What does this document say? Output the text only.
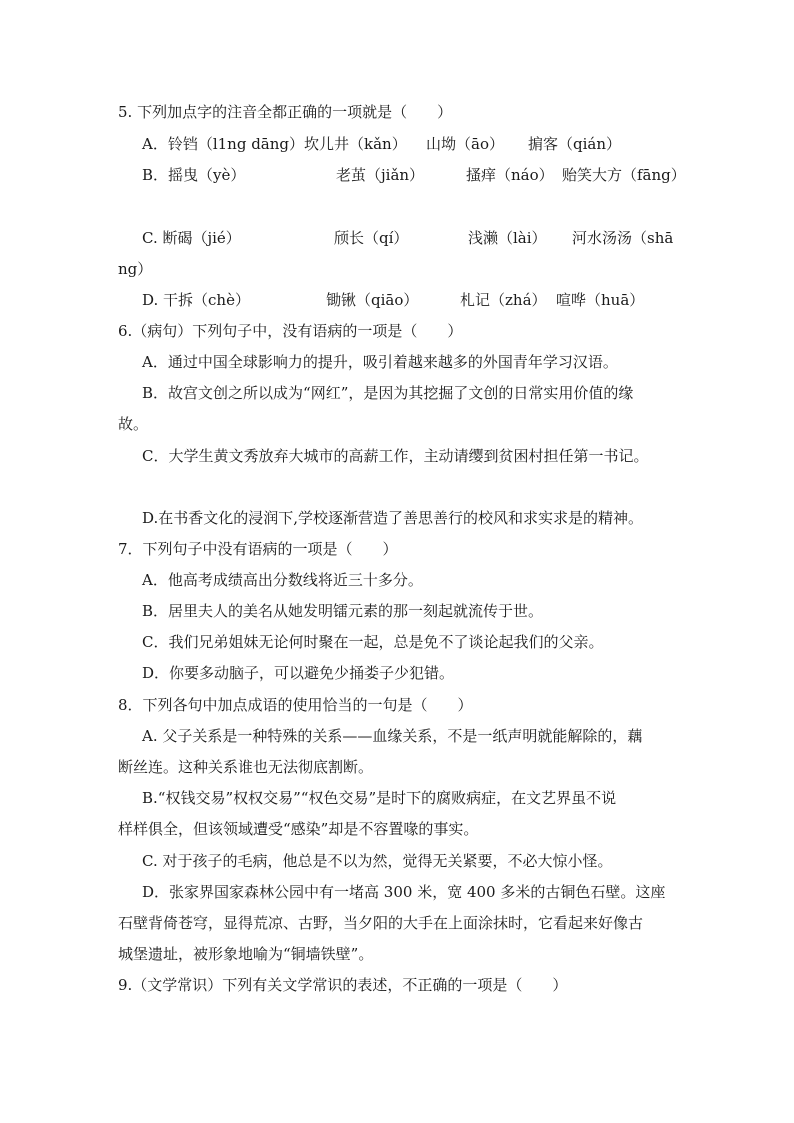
5. 下列加点字的注音全都正确的一项就是（　　）
A．铃铛（l1ng dāng） 坎儿井（kǎn） 山坳（āo） 掮客（qián）
B．摇曳（yè）	老茧（jiǎn）	搔痒（náo） 贻笑大方（fāng）
C. 断碣（jié）	颀长（qí）	浅濑（lài） 河水汤汤（shā
ng）
D. 干拆（chè）	锄锹（qiāo）	札记（zhá） 喧哗（huā）
6.（病句）下列句子中，没有语病的一项是（　　）
A．通过中国全球影响力的提升，吸引着越来越多的外国青年学习汉语。
B．故宫文创之所以成为“网红”，是因为其挖掘了文创的日常实用价值的缘
故。
C．大学生黄文秀放弃大城市的高薪工作，主动请缨到贫困村担任第一书记。
D.在书香文化的浸润下,学校逐渐营造了善思善行的校风和求实求是的精神。
7．下列句子中没有语病的一项是（　　）
A．他高考成绩高出分数线将近三十多分。
B．居里夫人的美名从她发明镭元素的那一刻起就流传于世。
C．我们兄弟姐妹无论何时聚在一起，总是免不了谈论起我们的父亲。
D．你要多动脑子，可以避免少捅娄子少犯错。
8．下列各句中加点成语的使用恰当的一句是（　　）
A. 父子关系是一种特殊的关系——血缘关系，不是一纸声明就能解除的，藕
断丝连。这种关系谁也无法彻底割断。
B.“权钱交易”权权交易”“权色交易”是时下的腐败病症，在文艺界虽不说
样样俱全，但该领域遭受“感染”却是不容置喙的事实。
C. 对于孩子的毛病，他总是不以为然，觉得无关紧要，不必大惊小怪。
D．张家界国家森林公园中有一堵高 300 米，宽 400 多米的古铜色石壁。这座
石壁背倚苍穹，显得荒凉、古野，当夕阳的大手在上面涂抹时，它看起来好像古
城堡遗址，被形象地喻为“铜墙铁壁”。
9.（文学常识）下列有关文学常识的表述，不正确的一项是（　　）
